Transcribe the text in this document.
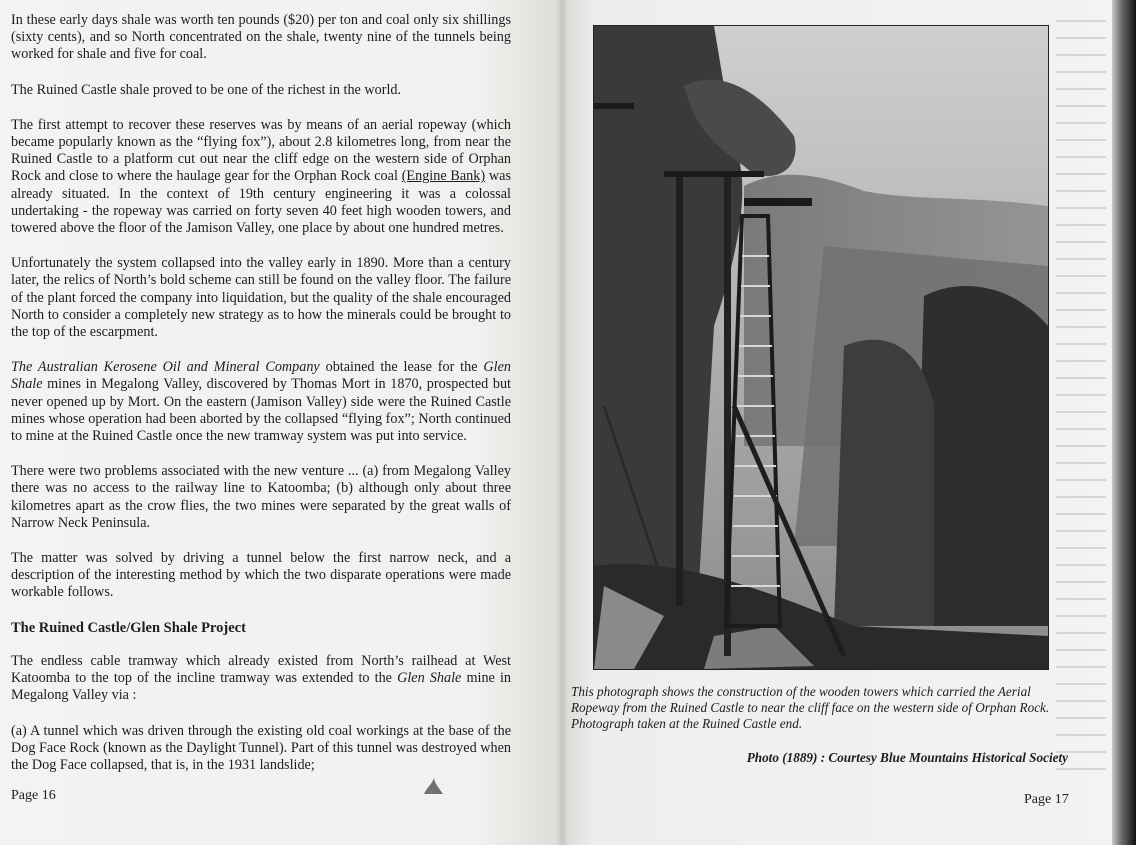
In these early days shale was worth ten pounds ($20) per ton and coal only six shillings (sixty cents), and so North concentrated on the shale, twenty nine of the tunnels being worked for shale and five for coal.

The Ruined Castle shale proved to be one of the richest in the world.

The first attempt to recover these reserves was by means of an aerial ropeway (which became popularly known as the “flying fox”), about 2.8 kilometres long, from near the Ruined Castle to a platform cut out near the cliff edge on the western side of Orphan Rock and close to where the haulage gear for the Orphan Rock coal (Engine Bank) was already situated. In the context of 19th century engineering it was a colossal undertaking - the ropeway was carried on forty seven 40 feet high wooden towers, and towered above the floor of the Jamison Valley, one place by about one hundred metres.

Unfortunately the system collapsed into the valley early in 1890. More than a century later, the relics of North’s bold scheme can still be found on the valley floor. The failure of the plant forced the company into liquidation, but the quality of the shale encouraged North to consider a completely new strategy as to how the minerals could be brought to the top of the escarpment.

The Australian Kerosene Oil and Mineral Company obtained the lease for the Glen Shale mines in Megalong Valley, discovered by Thomas Mort in 1870, prospected but never opened up by Mort. On the eastern (Jamison Valley) side were the Ruined Castle mines whose operation had been aborted by the collapsed “flying fox”; North continued to mine at the Ruined Castle once the new tramway system was put into service.

There were two problems associated with the new venture ... (a) from Megalong Valley there was no access to the railway line to Katoomba; (b) although only about three kilometres apart as the crow flies, the two mines were separated by the great walls of Narrow Neck Peninsula.

The matter was solved by driving a tunnel below the first narrow neck, and a description of the interesting method by which the two disparate operations were made workable follows.

The Ruined Castle/Glen Shale Project

The endless cable tramway which already existed from North’s railhead at West Katoomba to the top of the incline tramway was extended to the Glen Shale mine in Megalong Valley via :

(a) A tunnel which was driven through the existing old coal workings at the base of the Dog Face Rock (known as the Daylight Tunnel). Part of this tunnel was destroyed when the Dog Face collapsed, that is, in the 1931 landslide;

Page 16
This photograph shows the construction of the wooden towers which carried the Aerial Ropeway from the Ruined Castle to near the cliff face on the western side of Orphan Rock. Photograph taken at the Ruined Castle end.
Photo (1889) : Courtesy Blue Mountains Historical Society
Page 17
